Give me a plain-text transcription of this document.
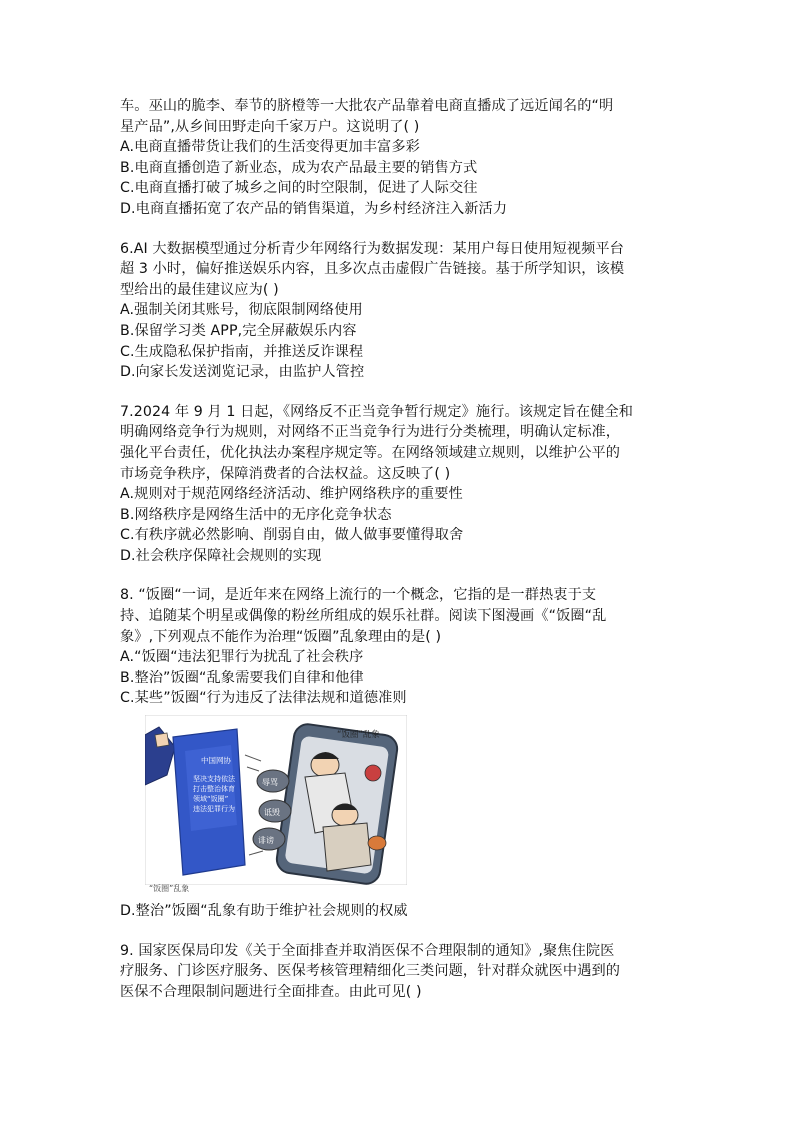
车。巫山的脆李、奉节的脐橙等一大批农产品靠着电商直播成了远近闻名的“明
星产品”,从乡间田野走向千家万户。这说明了( )
A.电商直播带货让我们的生活变得更加丰富多彩
B.电商直播创造了新业态，成为农产品最主要的销售方式
C.电商直播打破了城乡之间的时空限制，促进了人际交往
D.电商直播拓宽了农产品的销售渠道，为乡村经济注入新活力
6.AI 大数据模型通过分析青少年网络行为数据发现：某用户每日使用短视频平台
超 3 小时，偏好推送娱乐内容，且多次点击虚假广告链接。基于所学知识，该模
型给出的最佳建议应为( )
A.强制关闭其账号，彻底限制网络使用
B.保留学习类 APP,完全屏蔽娱乐内容
C.生成隐私保护指南，并推送反诈课程
D.向家长发送浏览记录，由监护人管控
7.2024 年 9 月 1 日起，《网络反不正当竞争暂行规定》施行。该规定旨在健全和
明确网络竞争行为规则，对网络不正当竞争行为进行分类梳理，明确认定标准，
强化平台责任，优化执法办案程序规定等。在网络领域建立规则，以维护公平的
市场竞争秩序，保障消费者的合法权益。这反映了( )
A.规则对于规范网络经济活动、维护网络秩序的重要性
B.网络秩序是网络生活中的无序化竞争状态
C.有秩序就必然影响、削弱自由，做人做事要懂得取舍
D.社会秩序保障社会规则的实现
8. “饭圈“一词，是近年来在网络上流行的一个概念，它指的是一群热衷于支
持、追随某个明星或偶像的粉丝所组成的娱乐社群。阅读下图漫画《“饭圈“乱
象》,下列观点不能作为治理“饭圈”乱象理由的是( )
A.“饭圈“违法犯罪行为扰乱了社会秩序
B.整治”饭圈“乱象需要我们自律和他律
C.某些”饭圈“行为违反了法律法规和道德准则
中国网协
坚决支持依法
打击整治体育
领域“饭圈”
违法犯罪行为
“饭圈”乱象
辱骂
诋毁
诽谤
“饭圈”乱象
D.整治”饭圈“乱象有助于维护社会规则的权威
9. 国家医保局印发《关于全面排查并取消医保不合理限制的通知》,聚焦住院医
疗服务、门诊医疗服务、医保考核管理精细化三类问题，针对群众就医中遇到的
医保不合理限制问题进行全面排查。由此可见( )
